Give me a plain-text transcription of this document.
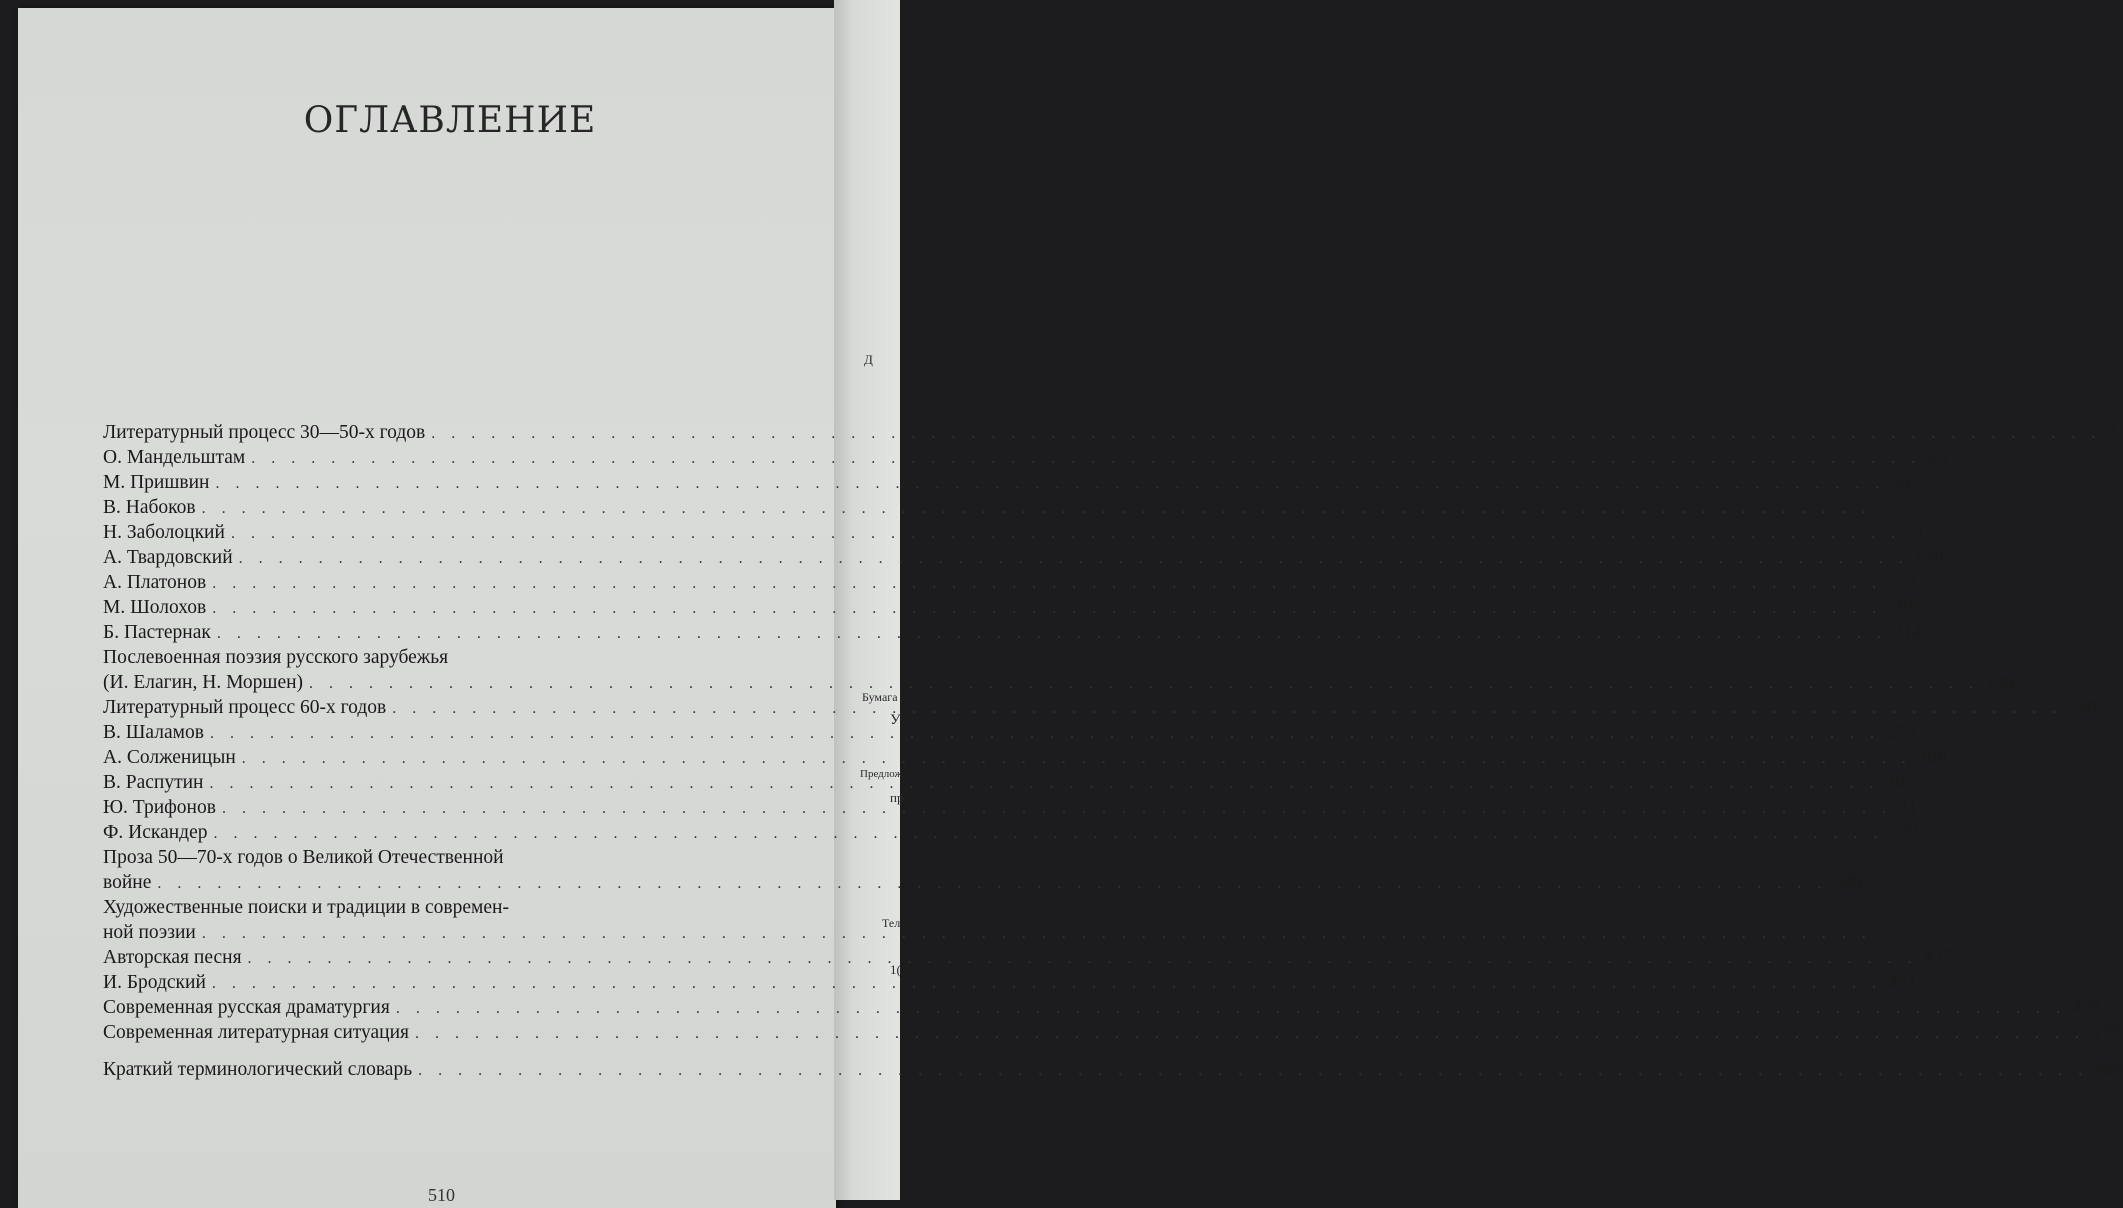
Д
Бумага
У
Предлож
пр
Тел
1(
ОГЛАВЛЕНИЕ
Литературный процесс 30—50-х годов . . .	3
О. Мандельштам . . .	29
М. Пришвин . . .	53
В. Набоков . . .	77
Н. Заболоцкий . . .	113
А. Твардовский . . .	128
А. Платонов . . .	153
М. Шолохов . . .	185
Б. Пастернак . . .	214
Послевоенная поэзия русского зарубежья
(И. Елагин, Н. Моршен) . . .	236
Литературный процесс 60-х годов . . .	248
В. Шаламов . . .	275
А. Солженицын . . .	288
В. Распутин . . .	305
Ю. Трифонов . . .	317
Ф. Искандер . . .	333
Проза 50—70-х годов о Великой Отечественной
войне . . .	349
Художественные поиски и традиции в современ-
ной поэзии . . .	372
Авторская песня . . .	427
И. Бродский . . .	441
Современная русская драматургия . . .	459
Современная литературная ситуация . . .	479
Краткий терминологический словарь . . .	499
510
